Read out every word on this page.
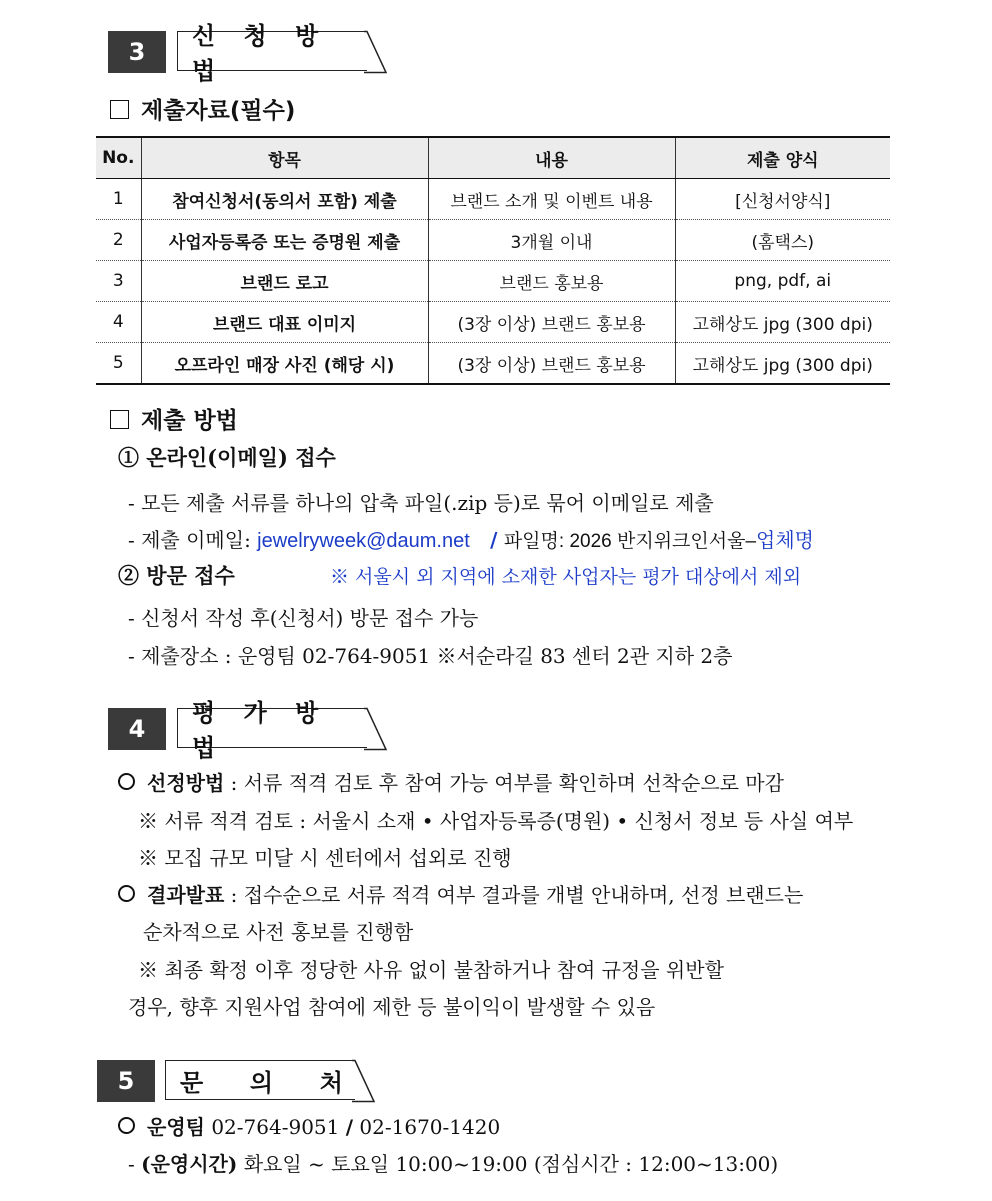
3
신 청 방 법
제출자료(필수)
No.	항목	내용	제출 양식
1	참여신청서(동의서 포함) 제출	브랜드 소개 및 이벤트 내용	[신청서양식]
2	사업자등록증 또는 증명원 제출	3개월 이내	(홈택스)
3	브랜드 로고	브랜드 홍보용	png, pdf, ai
4	브랜드 대표 이미지	(3장 이상) 브랜드 홍보용	고해상도 jpg (300 dpi)
5	오프라인 매장 사진 (해당 시)	(3장 이상) 브랜드 홍보용	고해상도 jpg (300 dpi)
제출 방법
① 온라인(이메일) 접수
- 모든 제출 서류를 하나의 압축 파일(.zip 등)로 묶어 이메일로 제출
- 제출 이메일: jewelryweek@daum.net / 파일명: 2026 반지위크인서울–업체명
② 방문 접수	※ 서울시 외 지역에 소재한 사업자는 평가 대상에서 제외
- 신청서 작성 후(신청서) 방문 접수 가능
- 제출장소 : 운영팀 02-764-9051 ※서순라길 83 센터 2관 지하 2층
4
평 가 방 법
선정방법 : 서류 적격 검토 후 참여 가능 여부를 확인하며 선착순으로 마감
※ 서류 적격 검토 : 서울시 소재 • 사업자등록증(명원) • 신청서 정보 등 사실 여부
※ 모집 규모 미달 시 센터에서 섭외로 진행
결과발표 : 접수순으로 서류 적격 여부 결과를 개별 안내하며, 선정 브랜드는
순차적으로 사전 홍보를 진행함
※ 최종 확정 이후 정당한 사유 없이 불참하거나 참여 규정을 위반할
경우, 향후 지원사업 참여에 제한 등 불이익이 발생할 수 있음
5	문  의  처
운영팀 02-764-9051 / 02-1670-1420
- (운영시간) 화요일 ~ 토요일 10:00~19:00 (점심시간 : 12:00~13:00)
